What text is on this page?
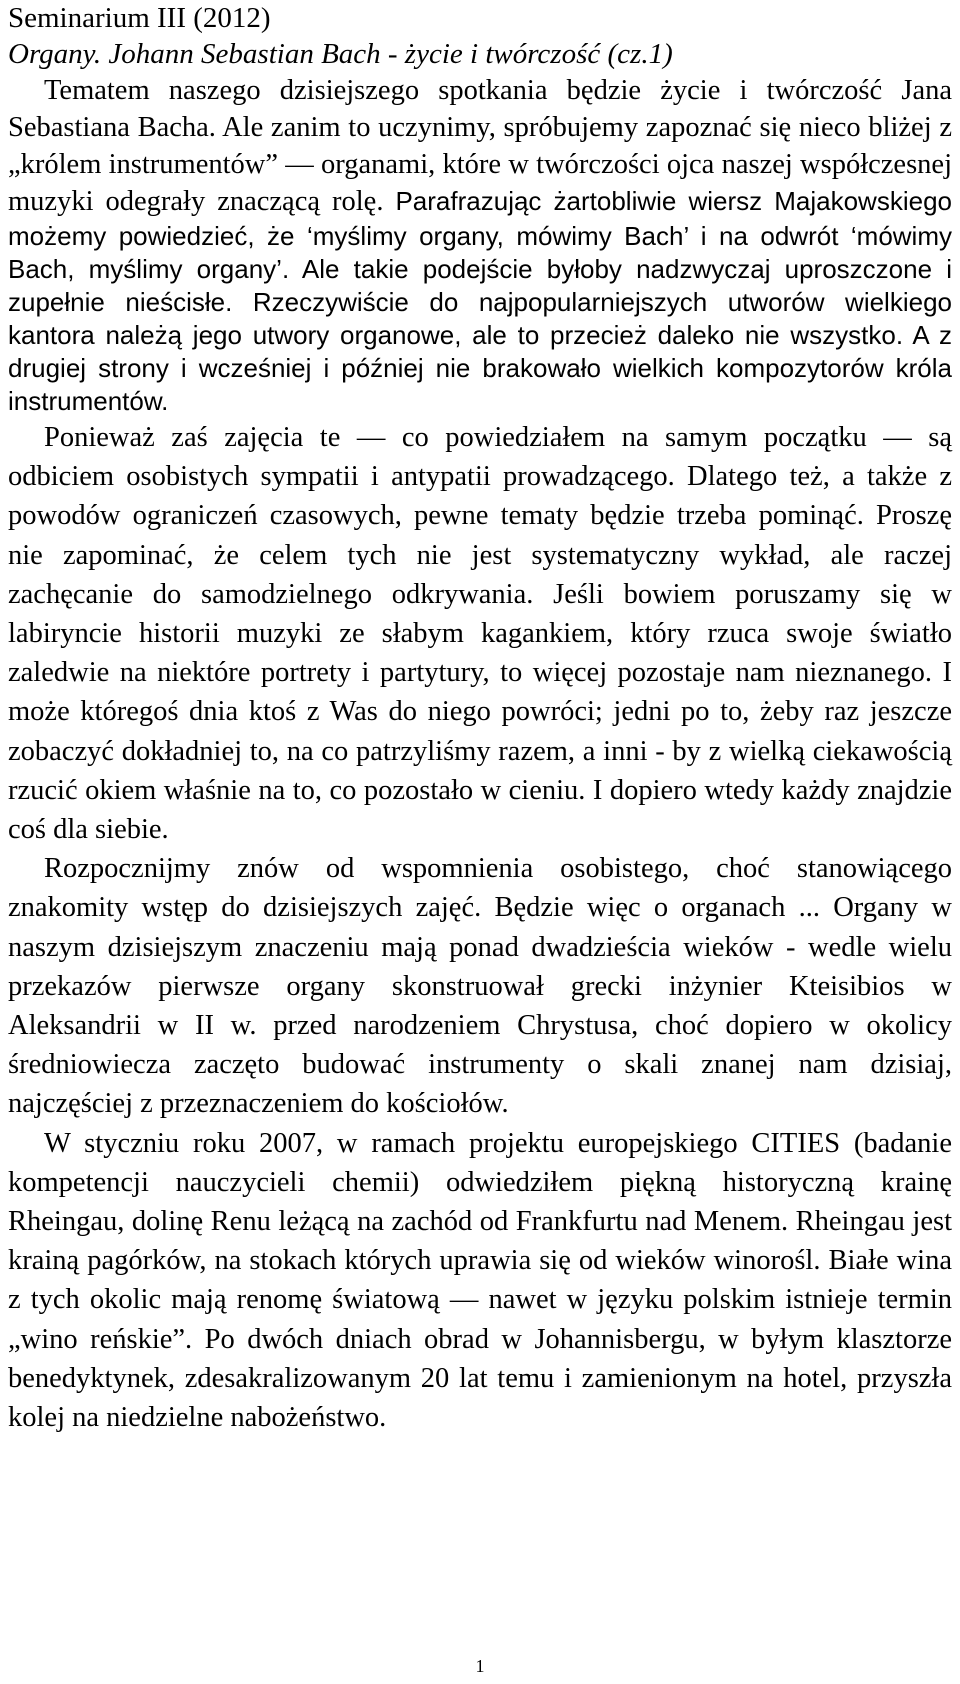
Seminarium III (2012)

Organy. Johann Sebastian Bach - życie i twórczość (cz.1)

Tematem naszego dzisiejszego spotkania będzie życie i twórczość Jana Sebastiana Bacha. Ale zanim to uczynimy, spróbujemy zapoznać się nieco bliżej z „królem instrumentów” — organami, które w twórczości ojca naszej współczesnej muzyki odegrały znaczącą rolę. Parafrazując żartobliwie wiersz Majakowskiego możemy powiedzieć, że ‘myślimy organy, mówimy Bach’ i na odwrót ‘mówimy Bach, myślimy organy’. Ale takie podejście byłoby nadzwyczaj uproszczone i zupełnie nieścisłe. Rzeczywiście do najpopularniejszych utworów wielkiego kantora należą jego utwory organowe, ale to przecież daleko nie wszystko. A z drugiej strony i wcześniej i później nie brakowało wielkich kompozytorów króla instrumentów.

Ponieważ zaś zajęcia te — co powiedziałem na samym początku — są odbiciem osobistych sympatii i antypatii prowadzącego. Dlatego też, a także z powodów ograniczeń czasowych, pewne tematy będzie trzeba pominąć. Proszę nie zapominać, że celem tych nie jest systematyczny wykład, ale raczej zachęcanie do samodzielnego odkrywania. Jeśli bowiem poruszamy się w labiryncie historii muzyki ze słabym kagankiem, który rzuca swoje światło zaledwie na niektóre portrety i partytury, to więcej pozostaje nam nieznanego. I może któregoś dnia ktoś z Was do niego powróci; jedni po to, żeby raz jeszcze zobaczyć dokładniej to, na co patrzyliśmy razem, a inni - by z wielką ciekawością rzucić okiem właśnie na to, co pozostało w cieniu. I dopiero wtedy każdy znajdzie coś dla siebie.

Rozpocznijmy znów od wspomnienia osobistego, choć stanowiącego znakomity wstęp do dzisiejszych zajęć. Będzie więc o organach ... Organy w naszym dzisiejszym znaczeniu mają ponad dwadzieścia wieków - wedle wielu przekazów pierwsze organy skonstruował grecki inżynier Kteisibios w Aleksandrii w II w. przed narodzeniem Chrystusa, choć dopiero w okolicy średniowiecza zaczęto budować instrumenty o skali znanej nam dzisiaj, najczęściej z przeznaczeniem do kościołów.

W styczniu roku 2007, w ramach projektu europejskiego CITIES (badanie kompetencji nauczycieli chemii) odwiedziłem piękną historyczną krainę Rheingau, dolinę Renu leżącą na zachód od Frankfurtu nad Menem. Rheingau jest krainą pagórków, na stokach których uprawia się od wieków winorośl. Białe wina z tych okolic mają renomę światową — nawet w języku polskim istnieje termin „wino reńskie”. Po dwóch dniach obrad w Johannisbergu, w byłym klasztorze benedyktynek, zdesakralizowanym 20 lat temu i zamienionym na hotel, przyszła kolej na niedzielne nabożeństwo.

1
